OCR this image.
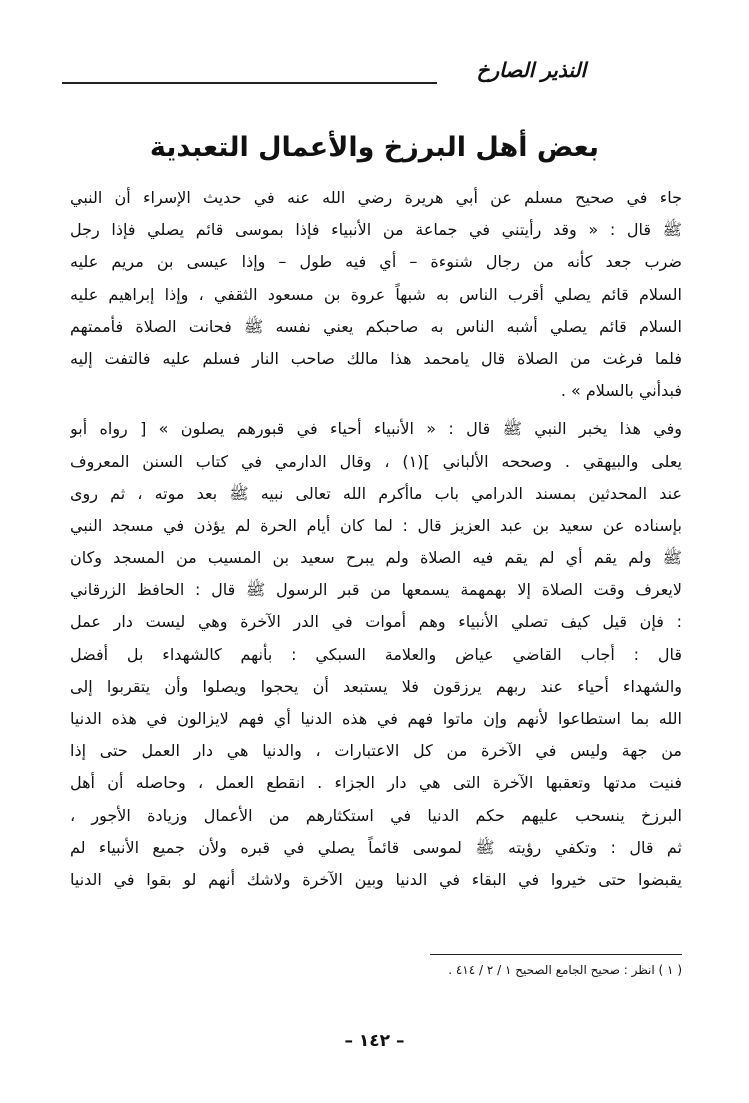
النذير الصارخ
بعض أهل البرزخ والأعمال التعبدية
جاء في صحيح مسلم عن أبي هريرة رضي الله عنه في حديث الإسراء أن النبي
ﷺ قال : « وقد رأيتني في جماعة من الأنبياء فإذا بموسى قائم يصلي فإذا رجل
ضرب جعد كأنه من رجال شنوءة – أي فيه طول – وإذا عيسى بن مريم عليه
السلام قائم يصلي أقرب الناس به شبهاً عروة بن مسعود الثقفي ، وإذا إبراهيم عليه
السلام قائم يصلي أشبه الناس به صاحبكم يعني نفسه ﷺ فحانت الصلاة فأممتهم
فلما فرغت من الصلاة قال يامحمد هذا مالك صاحب النار فسلم عليه فالتفت إليه
فبدأني بالسلام » .
وفي هذا يخبر النبي ﷺ قال : « الأنبياء أحياء في قبورهم يصلون » [ رواه أبو
يعلى والبيهقي . وصححه الألباني ](١) ، وقال الدارمي في كتاب السنن المعروف
عند المحدثين بمسند الدرامي باب ماأكرم الله تعالى نبيه ﷺ بعد موته ، ثم روى
بإسناده عن سعيد بن عبد العزيز قال : لما كان أيام الحرة لم يؤذن في مسجد النبي
ﷺ ولم يقم أي لم يقم فيه الصلاة ولم يبرح سعيد بن المسيب من المسجد وكان
لايعرف وقت الصلاة إلا بهمهمة يسمعها من قبر الرسول ﷺ قال : الحافظ الزرقاني
: فإن قيل كيف تصلي الأنبياء وهم أموات في الدر الآخرة وهي ليست دار عمل
قال : أجاب القاضي عياض والعلامة السبكي : بأنهم كالشهداء بل أفضل
والشهداء أحياء عند ربهم يرزقون فلا يستبعد أن يحجوا ويصلوا وأن يتقربوا إلى
الله بما استطاعوا لأنهم وإن ماتوا فهم في هذه الدنيا أي فهم لايزالون في هذه الدنيا
من جهة وليس في الآخرة من كل الاعتبارات ، والدنيا هي دار العمل حتى إذا
فنيت مدتها وتعقبها الآخرة التى هي دار الجزاء . انقطع العمل ، وحاصله أن أهل
البرزخ ينسحب عليهم حكم الدنيا في استكثارهم من الأعمال وزيادة الأجور ،
ثم قال : وتكفي رؤيته ﷺ لموسى قائماً يصلي في قبره ولأن جميع الأنبياء لم
يقبضوا حتى خيروا في البقاء في الدنيا وبين الآخرة ولاشك أنهم لو بقوا في الدنيا
( ١ ) انظر : صحيح الجامع الصحيح ١ / ٢ / ٤١٤ .
– ١٤٢ –
